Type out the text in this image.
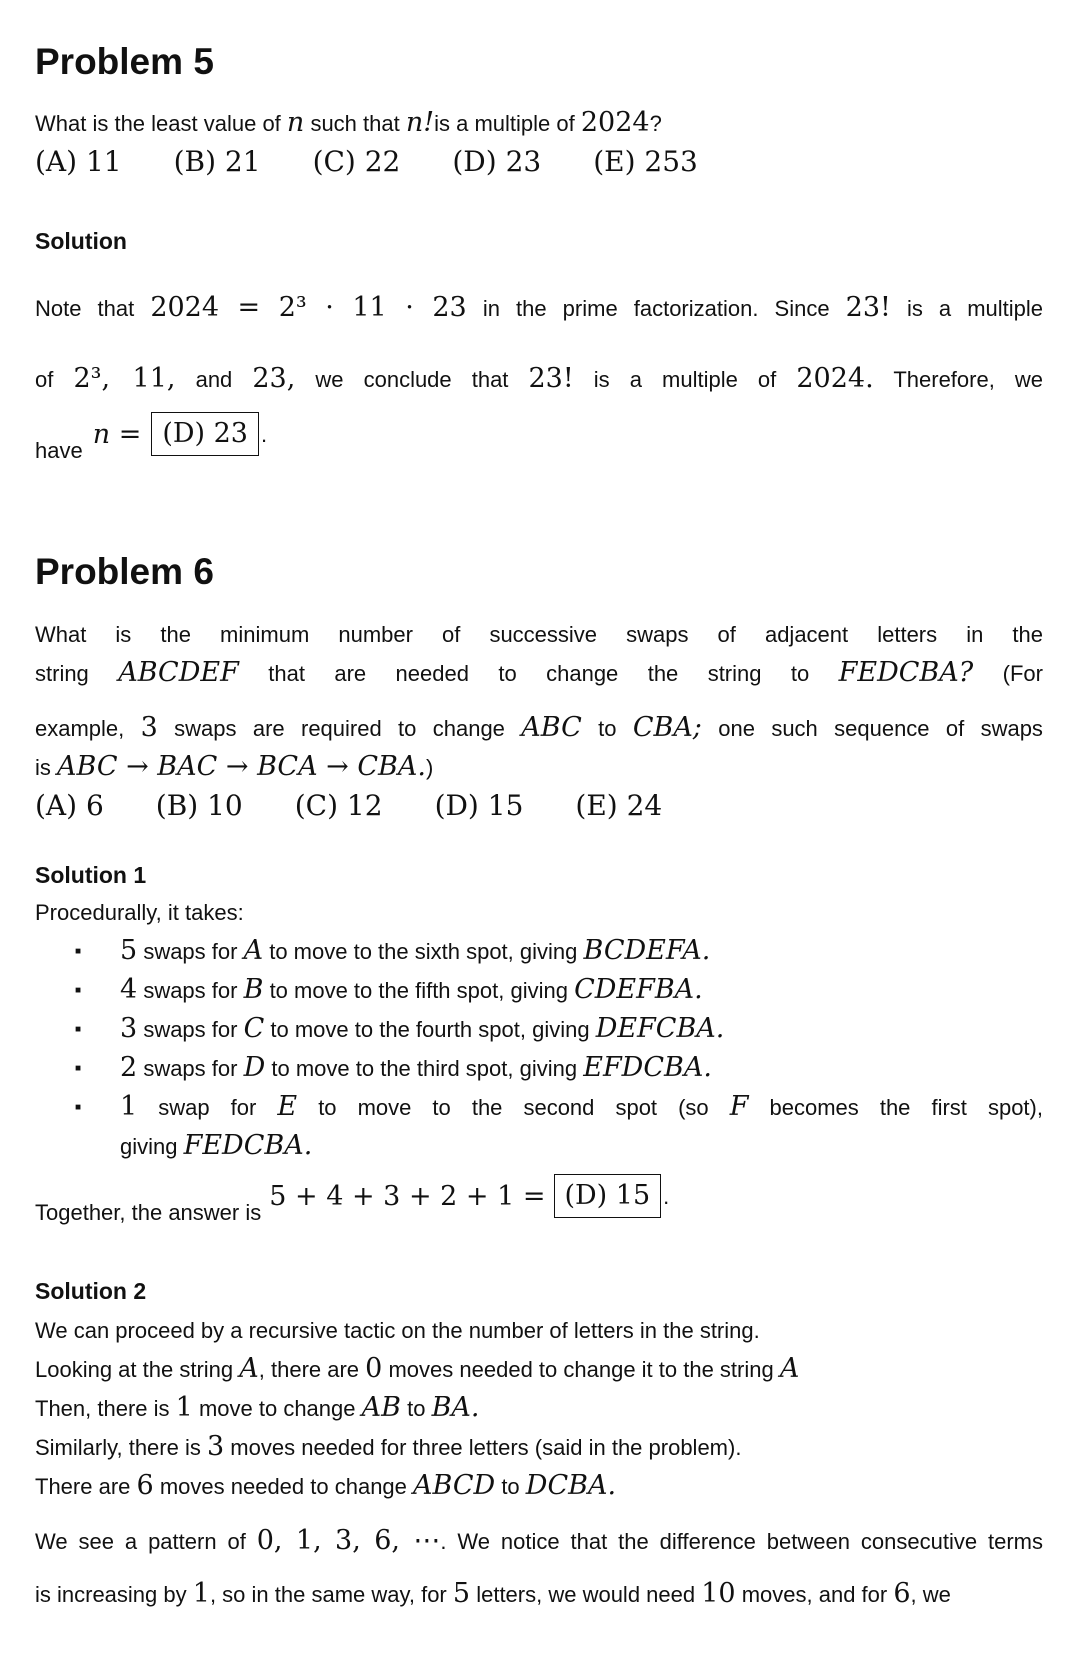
Problem 5

What is the least value of n such that n!is a multiple of 2024?

(A) 11 (B) 21 (C) 22 (D) 23 (E) 253
Solution

Note that 2024 = 2³ · 11 · 23 in the prime factorization. Since 23! is a multiple

of 2³, 11, and 23, we conclude that 23! is a multiple of 2024. Therefore, we

have
n = (D) 23 .

Problem 6

What is the minimum number of successive swaps of adjacent letters in the

string ABCDEF that are needed to change the string to FEDCBA? (For

example, 3 swaps are required to change ABC to CBA; one such sequence of swaps

is ABC → BAC → BCA → CBA.)

(A) 6 (B) 10 (C) 12 (D) 15 (E) 24
Solution 1

Procedurally, it takes:

■ 5 swaps for A to move to the sixth spot, giving BCDEFA.
■ 4 swaps for B to move to the fifth spot, giving CDEFBA.
■ 3 swaps for C to move to the fourth spot, giving DEFCBA.
■ 2 swaps for D to move to the third spot, giving EFDCBA.
■ 1 swap for E to move to the second spot (so F becomes the first spot),
giving FEDCBA.

Together, the answer is
5 + 4 + 3 + 2 + 1 = (D) 15 .

Solution 2

We can proceed by a recursive tactic on the number of letters in the string.

Looking at the string A, there are 0 moves needed to change it to the string A

Then, there is 1 move to change AB to BA.

Similarly, there is 3 moves needed for three letters (said in the problem).

There are 6 moves needed to change ABCD to DCBA.

We see a pattern of 0, 1, 3, 6, ⋯. We notice that the difference between consecutive terms

is increasing by 1, so in the same way, for 5 letters, we would need 10 moves, and for 6, we
